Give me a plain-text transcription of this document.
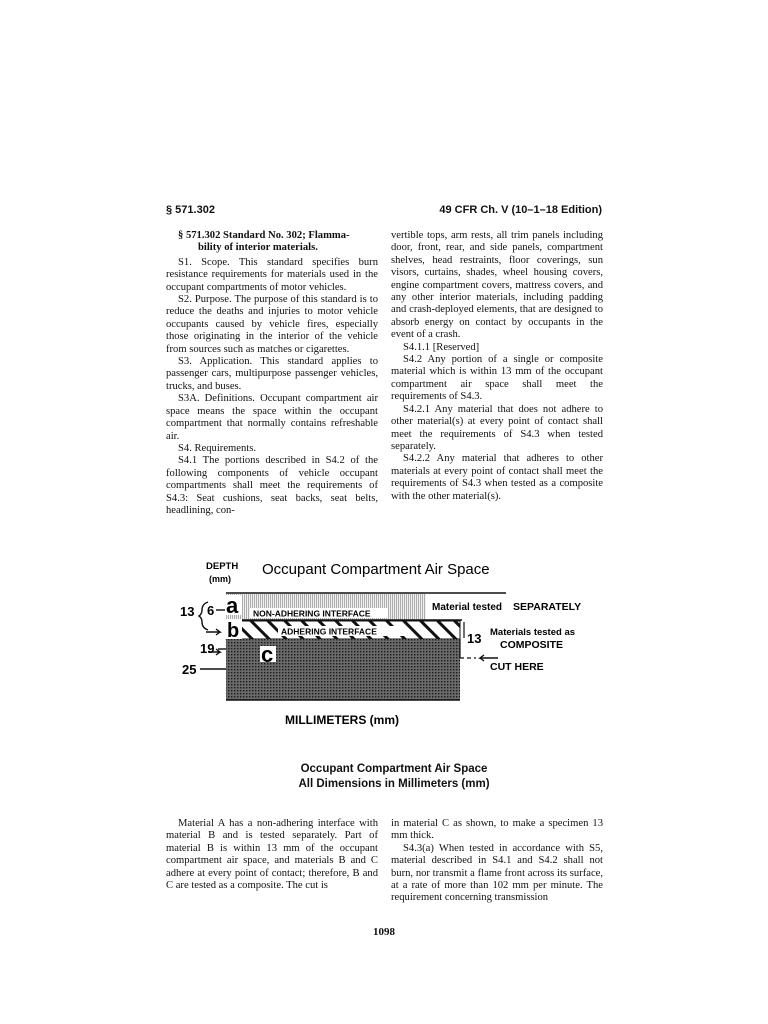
§ 571.302	49 CFR Ch. V (10–1–18 Edition)

§ 571.302 Standard No. 302; Flamma-
bility of interior materials.

S1. Scope. This standard specifies burn resistance requirements for materials used in the occupant compartments of motor vehicles.

S2. Purpose. The purpose of this standard is to reduce the deaths and injuries to motor vehicle occupants caused by vehicle fires, especially those originating in the interior of the vehicle from sources such as matches or cigarettes.

S3. Application. This standard applies to passenger cars, multipurpose passenger vehicles, trucks, and buses.

S3A. Definitions. Occupant compartment air space means the space within the occupant compartment that normally contains refreshable air.

S4. Requirements.

S4.1 The portions described in S4.2 of the following components of vehicle occupant compartments shall meet the requirements of S4.3: Seat cushions, seat backs, seat belts, headlining, con-

vertible tops, arm rests, all trim panels including door, front, rear, and side panels, compartment shelves, head restraints, floor coverings, sun visors, curtains, shades, wheel housing covers, engine compartment covers, mattress covers, and any other interior materials, including padding and crash-deployed elements, that are designed to absorb energy on contact by occupants in the event of a crash.

S4.1.1 [Reserved]

S4.2 Any portion of a single or composite material which is within 13 mm of the occupant compartment air space shall meet the requirements of S4.3.

S4.2.1 Any material that does not adhere to other material(s) at every point of contact shall meet the requirements of S4.3 when tested separately.

S4.2.2 Any material that adheres to other materials at every point of contact shall meet the requirements of S4.3 when tested as a composite with the other material(s).

DEPTH
(mm)
Occupant Compartment Air Space
NON-ADHERING INTERFACE
ADHERING INTERFACE
a
b
c
13 6
19
25
Material tested SEPARATELY
13 Materials tested as
COMPOSITE
CUT HERE
MILLIMETERS (mm)
Occupant Compartment Air Space
All Dimensions in Millimeters (mm)

Material A has a non-adhering interface with material B and is tested separately. Part of material B is within 13 mm of the occupant compartment air space, and materials B and C adhere at every point of contact; therefore, B and C are tested as a composite. The cut is

in material C as shown, to make a specimen 13 mm thick.

S4.3(a) When tested in accordance with S5, material described in S4.1 and S4.2 shall not burn, nor transmit a flame front across its surface, at a rate of more than 102 mm per minute. The requirement concerning transmission

1098
